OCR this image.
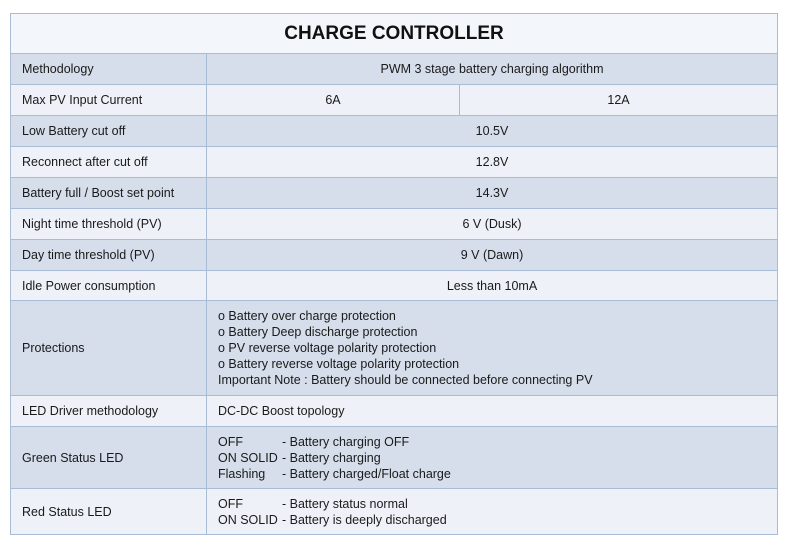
CHARGE CONTROLLER		
Methodology	PWM 3 stage battery charging algorithm	
Max PV Input Current	6A	12A
Low Battery cut off	10.5V	
Reconnect after cut off	12.8V	
Battery full / Boost set point	14.3V	
Night time threshold (PV)	6 V (Dusk)	
Day time threshold (PV)	9 V (Dawn)	
Idle Power consumption	Less than 10mA	
Protections	o Battery over charge protection
o Battery Deep discharge protection
o PV reverse voltage polarity protection
o Battery reverse voltage polarity protection
Important Note : Battery should be connected before connecting PV	

LED Driver methodology	DC-DC Boost topology	
Green Status LED	OFF - Battery charging OFF
ON SOLID - Battery charging
Flashing - Battery charged/Float charge	

Red Status LED	OFF - Battery status normal
ON SOLID - Battery is deeply discharged	
